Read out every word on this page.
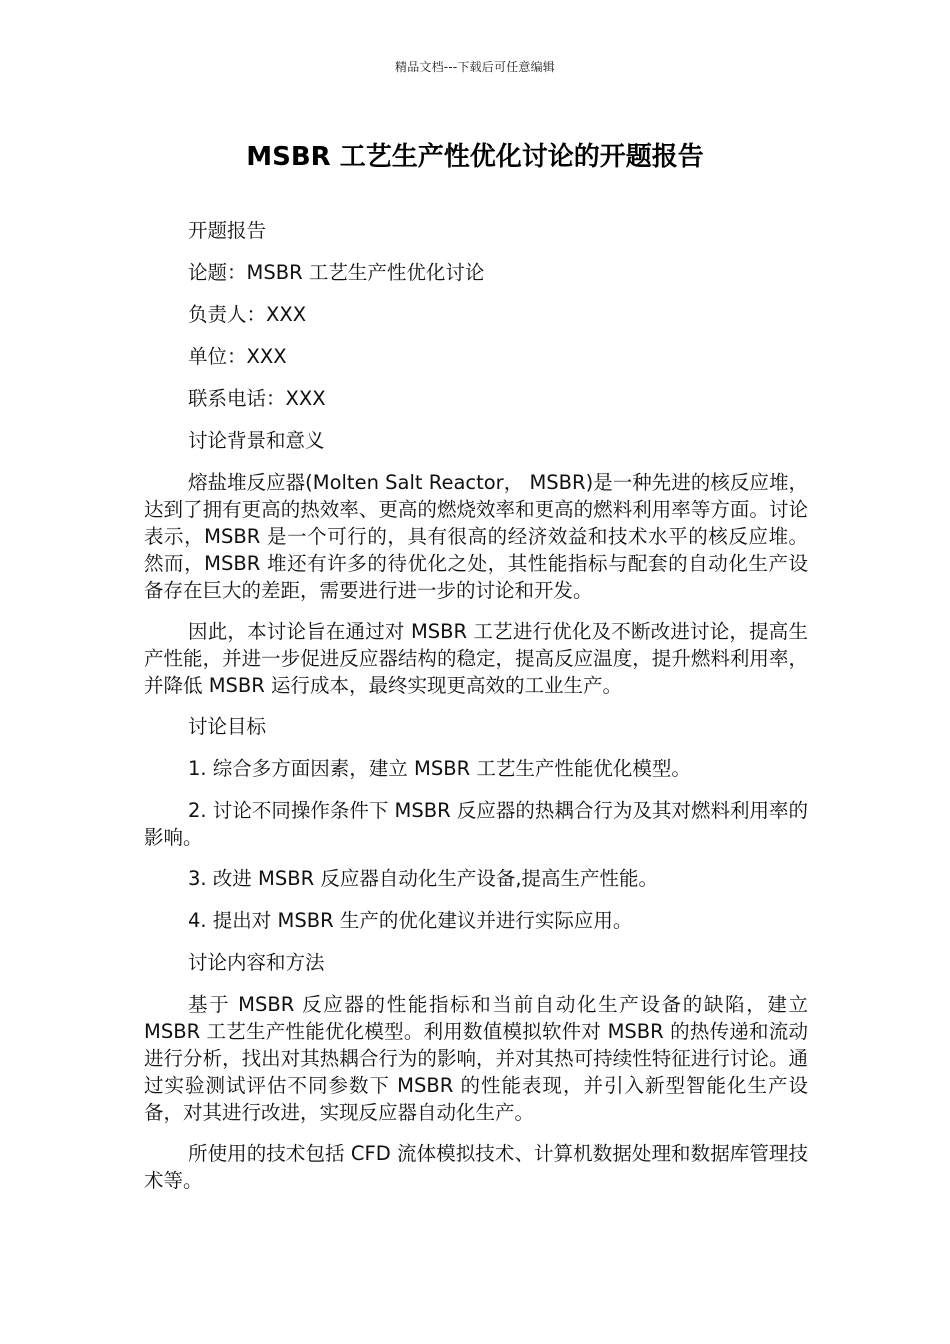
精品文档---下载后可任意编辑
MSBR 工艺生产性优化讨论的开题报告

开题报告

论题：MSBR 工艺生产性优化讨论

负责人：XXX

单位：XXX

联系电话：XXX

讨论背景和意义

熔盐堆反应器(Molten Salt Reactor， MSBR)是一种先进的核反应堆，达到了拥有更高的热效率、更高的燃烧效率和更高的燃料利用率等方面。讨论表示，MSBR 是一个可行的，具有很高的经济效益和技术水平的核反应堆。然而，MSBR 堆还有许多的待优化之处，其性能指标与配套的自动化生产设备存在巨大的差距，需要进行进一步的讨论和开发。

因此，本讨论旨在通过对 MSBR 工艺进行优化及不断改进讨论，提高生产性能，并进一步促进反应器结构的稳定，提高反应温度，提升燃料利用率，并降低 MSBR 运行成本，最终实现更高效的工业生产。

讨论目标

1. 综合多方面因素，建立 MSBR 工艺生产性能优化模型。

2. 讨论不同操作条件下 MSBR 反应器的热耦合行为及其对燃料利用率的影响。

3. 改进 MSBR 反应器自动化生产设备,提高生产性能。

4. 提出对 MSBR 生产的优化建议并进行实际应用。

讨论内容和方法

基于 MSBR 反应器的性能指标和当前自动化生产设备的缺陷，建立 MSBR 工艺生产性能优化模型。利用数值模拟软件对 MSBR 的热传递和流动进行分析，找出对其热耦合行为的影响，并对其热可持续性特征进行讨论。通过实验测试评估不同参数下 MSBR 的性能表现，并引入新型智能化生产设备，对其进行改进，实现反应器自动化生产。

所使用的技术包括 CFD 流体模拟技术、计算机数据处理和数据库管理技术等。
